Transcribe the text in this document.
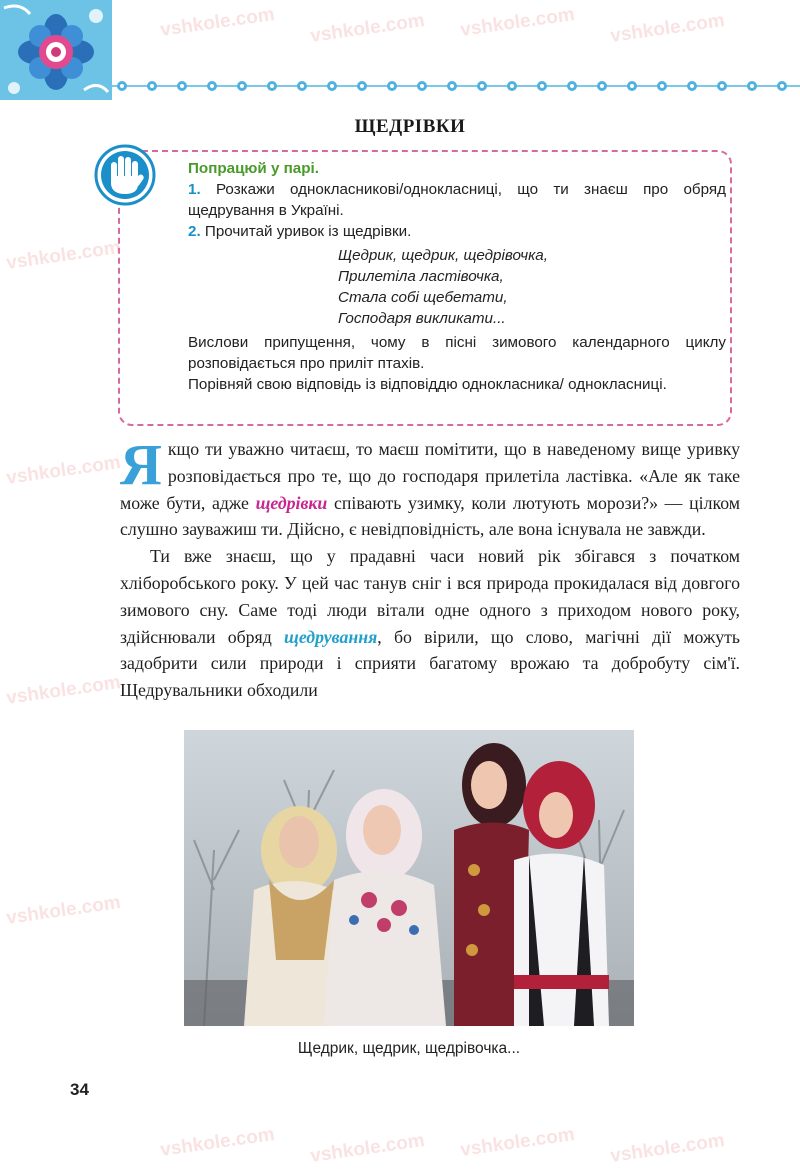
ЩЕДРІВКИ
Попрацюй у парі.
1. Розкажи однокласникові/однокласниці, що ти знаєш про обряд щедрування в Україні.
2. Прочитай уривок із щедрівки.
Щедрик, щедрик, щедрівочка,
Прилетіла ластівочка,
Стала собі щебетати,
Господаря викликати...
Вислови припущення, чому в пісні зимового календарного циклу розповідається про приліт птахів.
Порівняй свою відповідь із відповіддю однокласника/ однокласниці.

Якщо ти уважно читаєш, то маєш помітити, що в наведеному вище уривку розповідається про те, що до господаря прилетіла ластівка. «Але як таке може бути, адже щедрівки співають узимку, коли лютують морози?» — цілком слушно зауважиш ти. Дійсно, є невідповідність, але вона існувала не завжди.

Ти вже знаєш, що у прадавні часи новий рік збігався з початком хліборобського року. У цей час танув сніг і вся природа прокидалася від довгого зимового сну. Саме тоді люди вітали одне одного з приходом нового року, здійснювали обряд щедрування, бо вірили, що слово, магічні дії можуть задобрити сили природи і сприяти багатому врожаю та добробуту сім'ї. Щедрувальники обходили

Щедрик, щедрик, щедрівочка...
34
vshkole.com vshkole.com vshkole.com vshkole.com
vshkole.com
vshkole.com
vshkole.com
vshkole.com
vshkole.com vshkole.com vshkole.com vshkole.com
